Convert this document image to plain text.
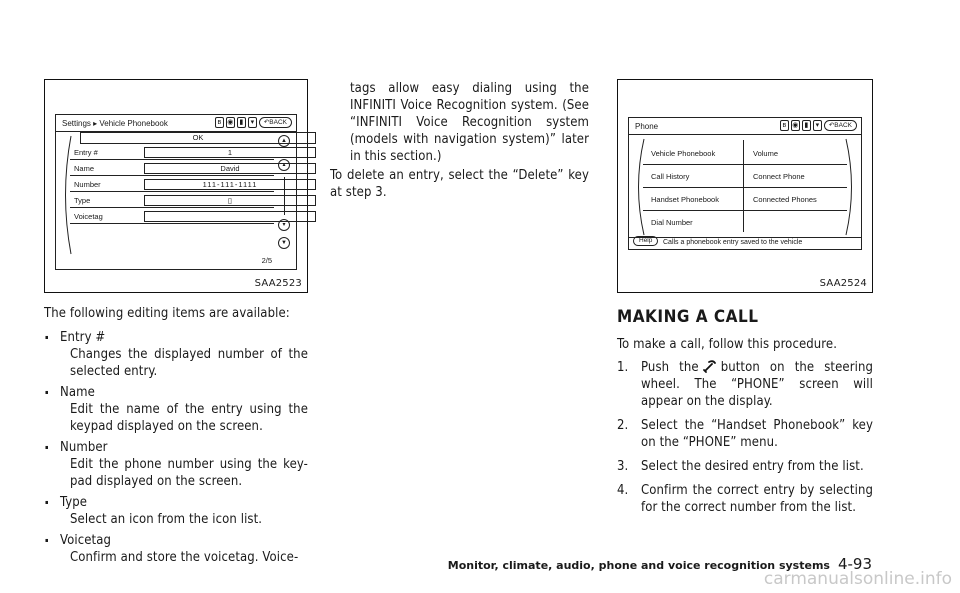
Settings ▸ Vehicle Phonebook	ʙ ◉ ▮	▾	↶BACK
OK
Entry #	1
Name	David
Number	111-111-1111
Type	▯
Voicetag
▲
▴
▾
▼
2/5
SAA2523
Phone	ʙ ◉ ▮	▾	↶BACK
Vehicle Phonebook
Call History
Handset Phonebook
Dial Number
Volume
Connect Phone
Connected Phones
Help	Calls a phonebook entry saved to the vehicle
SAA2524

The following editing items are available:

. Entry #
Changes the displayed number of the selected entry.
. Name
Edit the name of the entry using the keypad displayed on the screen.
. Number
Edit the phone number using the key-pad displayed on the screen.
. Type
Select an icon from the icon list.
. Voicetag
Confirm and store the voicetag. Voice-

tags allow easy dialing using the INFINITI Voice Recognition system. (See “INFINITI Voice Recognition system (models with navigation system)” later in this section.)

To delete an entry, select the “Delete” key at step 3.

MAKING A CALL

To make a call, follow this procedure.

1. Push the button on the steering wheel. The “PHONE” screen will appear on the display.
2. Select the “Handset Phonebook” key on the “PHONE” menu.
3. Select the desired entry from the list.
4. Confirm the correct entry by selecting for the correct number from the list.
Monitor, climate, audio, phone and voice recognition systems 4-93
carmanualsonline.info
